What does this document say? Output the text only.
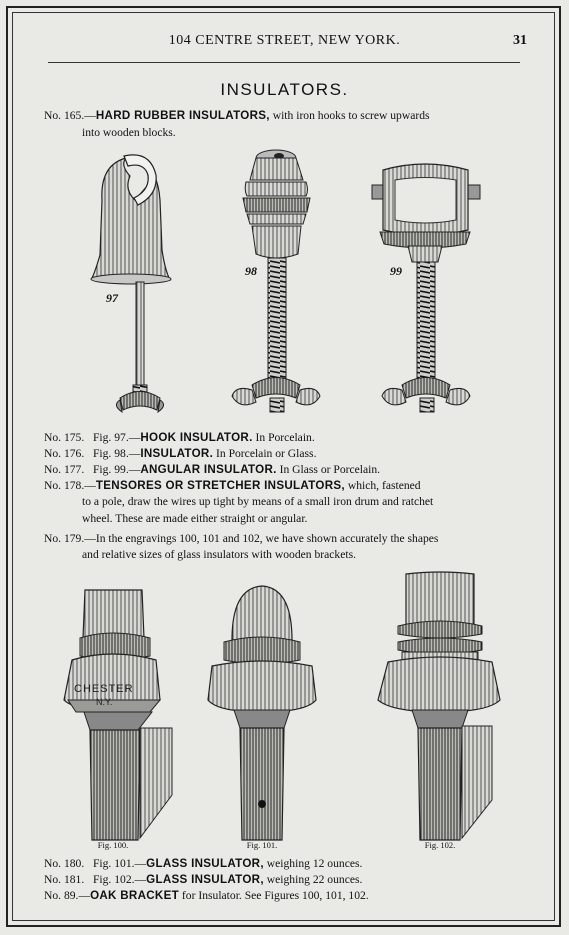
104 CENTRE STREET, NEW YORK.	31
INSULATORS.
No. 165.—HARD RUBBER INSULATORS, with iron hooks to screw upwards
into wooden blocks.
97
98	99
No. 175. Fig. 97.—HOOK INSULATOR. In Porcelain.
No. 176. Fig. 98.—INSULATOR. In Porcelain or Glass.
No. 177. Fig. 99.—ANGULAR INSULATOR. In Glass or Porcelain.
No. 178.—TENSORES OR STRETCHER INSULATORS, which, fastened
to a pole, draw the wires up tight by means of a small iron drum and ratchet
wheel. These are made either straight or angular.
No. 179.—In the engravings 100, 101 and 102, we have shown accurately the shapes
and relative sizes of glass insulators with wooden brackets.
CHESTER
N.Y.
Fig. 100.	Fig. 101.	Fig. 102.
No. 180. Fig. 101.—GLASS INSULATOR, weighing 12 ounces.
No. 181. Fig. 102.—GLASS INSULATOR, weighing 22 ounces.
No. 89.—OAK BRACKET for Insulator. See Figures 100, 101, 102.
